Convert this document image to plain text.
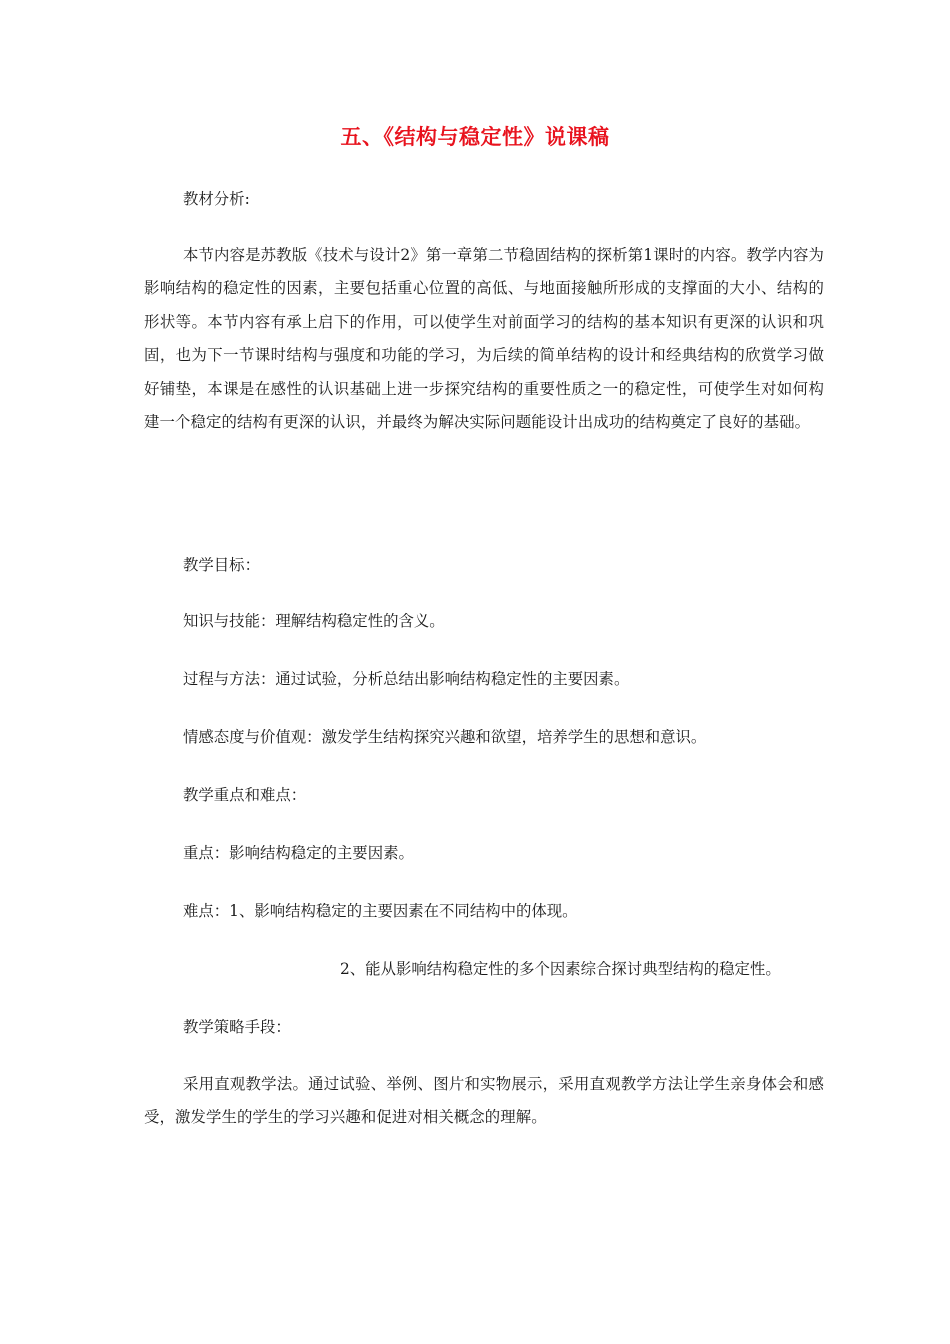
五、《结构与稳定性》说课稿
教材分析:
本节内容是苏教版《技术与设计2》第一章第二节稳固结构的探析第1课时的内容。教学内容为影响结构的稳定性的因素，主要包括重心位置的高低、与地面接触所形成的支撑面的大小、结构的形状等。本节内容有承上启下的作用，可以使学生对前面学习的结构的基本知识有更深的认识和巩固，也为下一节课时结构与强度和功能的学习，为后续的简单结构的设计和经典结构的欣赏学习做好铺垫，本课是在感性的认识基础上进一步探究结构的重要性质之一的稳定性，可使学生对如何构建一个稳定的结构有更深的认识，并最终为解决实际问题能设计出成功的结构奠定了良好的基础。
教学目标：
知识与技能：理解结构稳定性的含义。
过程与方法：通过试验，分析总结出影响结构稳定性的主要因素。
情感态度与价值观：激发学生结构探究兴趣和欲望，培养学生的思想和意识。
教学重点和难点：
重点：影响结构稳定的主要因素。
难点：1、影响结构稳定的主要因素在不同结构中的体现。
2、能从影响结构稳定性的多个因素综合探讨典型结构的稳定性。
教学策略手段：
采用直观教学法。通过试验、举例、图片和实物展示，采用直观教学方法让学生亲身体会和感受，激发学生的学生的学习兴趣和促进对相关概念的理解。
